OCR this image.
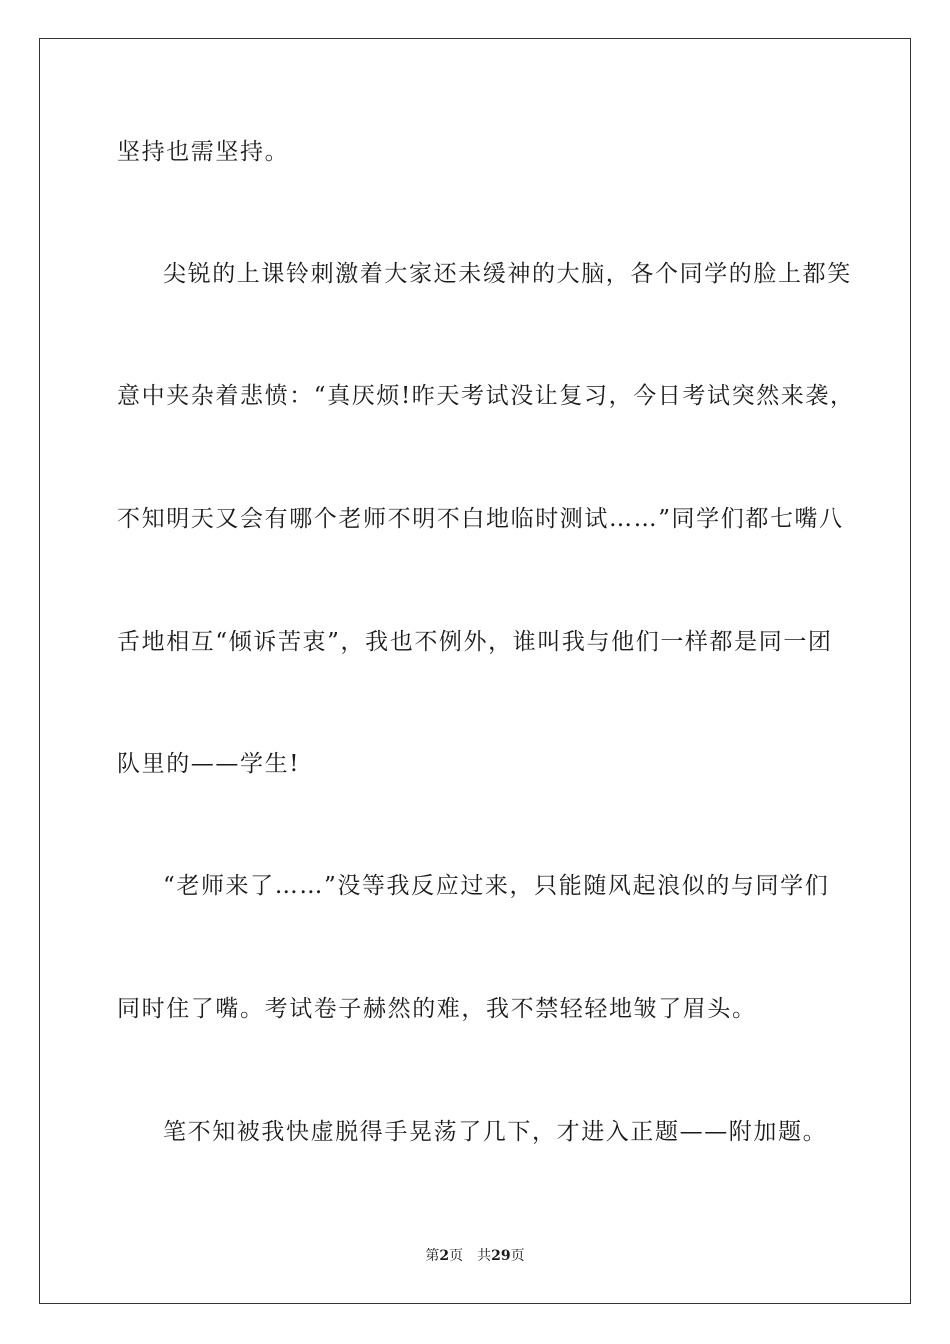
坚持也需坚持。
尖锐的上课铃刺激着大家还未缓神的大脑，各个同学的脸上都笑
意中夹杂着悲愤：“真厌烦!昨天考试没让复习，今日考试突然来袭，
不知明天又会有哪个老师不明不白地临时测试……”同学们都七嘴八
舌地相互“倾诉苦衷”，我也不例外，谁叫我与他们一样都是同一团
队里的——学生!
“老师来了……”没等我反应过来，只能随风起浪似的与同学们
同时住了嘴。考试卷子赫然的难，我不禁轻轻地皱了眉头。
笔不知被我快虚脱得手晃荡了几下，才进入正题——附加题。
第2页 共29页
